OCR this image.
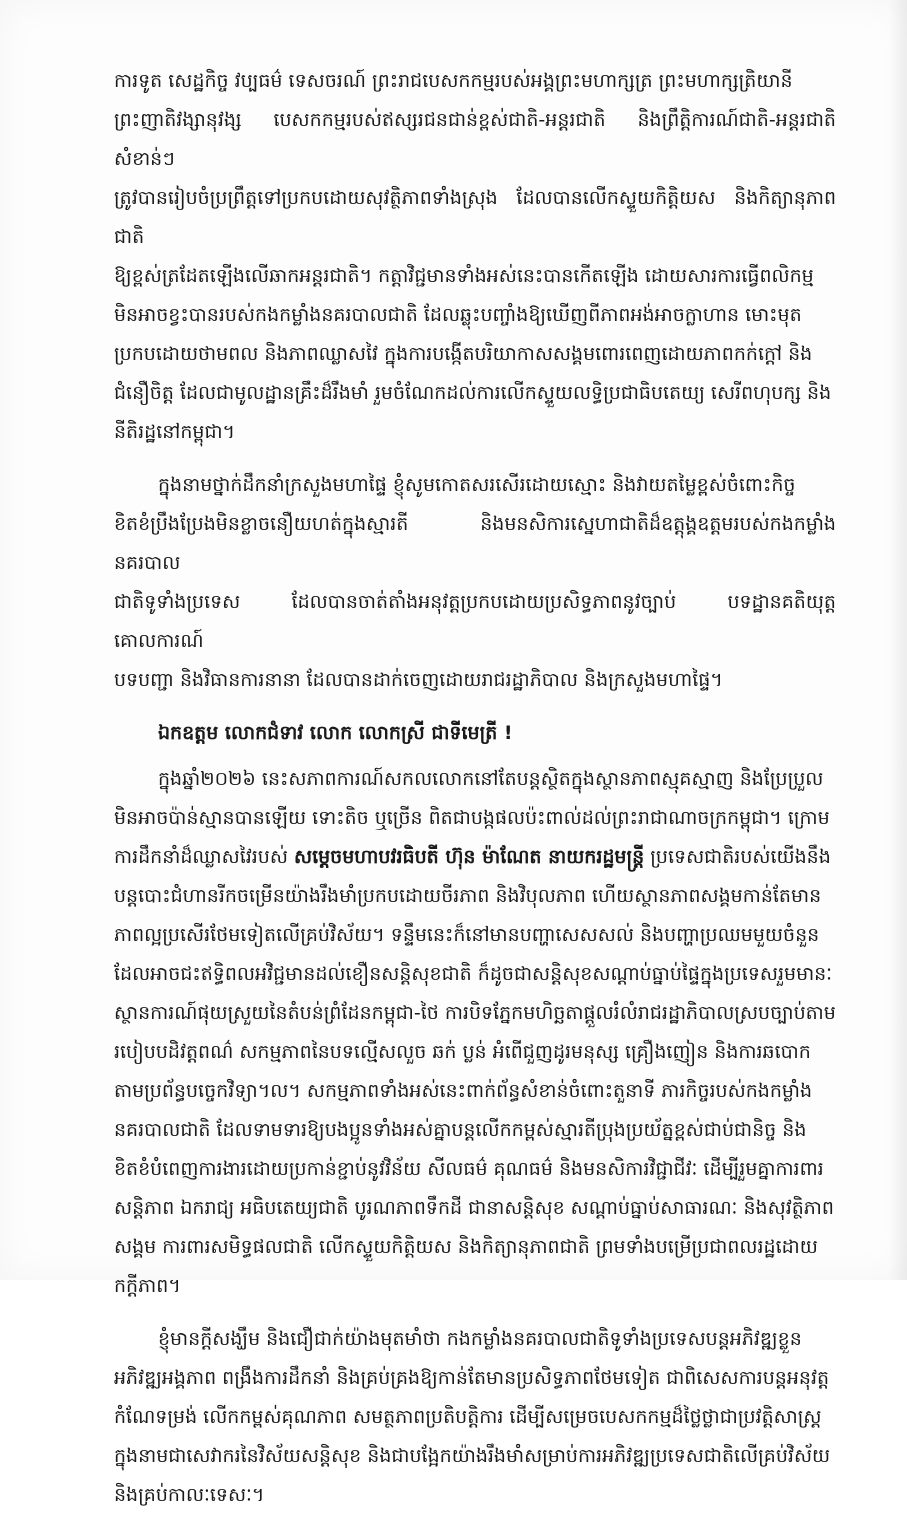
ការទូត សេដ្ឋកិច្ច វប្បធម៌ ទេសចរណ៍ ព្រះរាជបេសកកម្មរបស់អង្គព្រះមហាក្សត្រ ព្រះមហាក្សត្រិយានី
ព្រះញាតិវង្សានុវង្ស បេសកកម្មរបស់ឥស្សរជនជាន់ខ្ពស់ជាតិ-អន្តរជាតិ និងព្រឹត្តិការណ៍ជាតិ-អន្តរជាតិសំខាន់ៗ
ត្រូវបានរៀបចំប្រព្រឹត្តទៅប្រកបដោយសុវត្ថិភាពទាំងស្រុង ដែលបានលើកស្ទួយកិត្តិយស និងកិត្យានុភាពជាតិ
ឱ្យខ្ពស់ត្រដែតឡើងលើឆាកអន្តរជាតិ។ កត្តាវិជ្ជមានទាំងអស់នេះបានកើតឡើង ដោយសារការធ្វើពលិកម្ម
មិនអាចខ្វះបានរបស់កងកម្លាំងនគរបាលជាតិ ដែលឆ្លុះបញ្ចាំងឱ្យឃើញពីភាពអង់អាចក្លាហាន មោះមុត
ប្រកបដោយថាមពល និងភាពឈ្លាសវៃ ក្នុងការបង្កើតបរិយាកាសសង្គមពោរពេញដោយភាពកក់ក្ដៅ និង
ជំនឿចិត្ត ដែលជាមូលដ្ឋានគ្រឹះដ៏រឹងមាំ រួមចំណែកដល់ការលើកស្ទួយលទ្ធិប្រជាធិបតេយ្យ សេរីពហុបក្ស និង
នីតិរដ្ឋនៅកម្ពុជា។
ក្នុងនាមថ្នាក់ដឹកនាំក្រសួងមហាផ្ទៃ ខ្ញុំសូមកោតសរសើរដោយស្មោះ និងវាយតម្លៃខ្ពស់ចំពោះកិច្ច
ខិតខំប្រឹងប្រែងមិនខ្លាចនឿយហត់ក្នុងស្មារតី និងមនសិការស្នេហាជាតិដ៏ឧត្តុង្គឧត្តមរបស់កងកម្លាំងនគរបាល
ជាតិទូទាំងប្រទេស ដែលបានចាត់តាំងអនុវត្តប្រកបដោយប្រសិទ្ធភាពនូវច្បាប់ បទដ្ឋានគតិយុត្ត គោលការណ៍
បទបញ្ជា និងវិធានការនានា ដែលបានដាក់ចេញដោយរាជរដ្ឋាភិបាល និងក្រសួងមហាផ្ទៃ។
ឯកឧត្តម លោកជំទាវ លោក លោកស្រី ជាទីមេត្រី !
ក្នុងឆ្នាំ២០២៦ នេះសភាពការណ៍សកលលោកនៅតែបន្តស្ថិតក្នុងស្ថានភាពស្មុគស្មាញ និងប្រែប្រួល
មិនអាចប៉ាន់ស្មានបានឡើយ ទោះតិច ឬច្រើន ពិតជាបង្កផលប៉ះពាល់ដល់ព្រះរាជាណាចក្រកម្ពុជា។ ក្រោម
ការដឹកនាំដ៏ឈ្លាសវៃរបស់ សម្ដេចមហាបវរធិបតី ហ៊ុន ម៉ាណែត នាយករដ្ឋមន្ត្រី ប្រទេសជាតិរបស់យើងនឹង
បន្តបោះជំហានរីកចម្រើនយ៉ាងរឹងមាំប្រកបដោយចីរភាព និងវិបុលភាព ហើយស្ថានភាពសង្គមកាន់តែមាន
ភាពល្អប្រសើរថែមទៀតលើគ្រប់វិស័យ។ ទន្ទឹមនេះក៏នៅមានបញ្ហាសេសសល់ និងបញ្ហាប្រឈមមួយចំនួន
ដែលអាចជះឥទ្ធិពលអវិជ្ជមានដល់ខឿនសន្តិសុខជាតិ ក៏ដូចជាសន្តិសុខសណ្ដាប់ធ្នាប់ផ្ទៃក្នុងប្រទេសរួមមានៈ
ស្ថានការណ៍ផុយស្រួយនៃតំបន់ព្រំដែនកម្ពុជា-ថៃ ការបិទភ្នែកមហិច្ឆតាផ្ដួលរំលំរាជរដ្ឋាភិបាលស្របច្បាប់តាម
របៀបបដិវត្តពណ៌ សកម្មភាពនៃបទល្មើសលួច ឆក់ ប្លន់ អំពើជួញដូរមនុស្ស គ្រឿងញៀន និងការឆបោក
តាមប្រព័ន្ធបច្ចេកវិទ្យា។ល។ សកម្មភាពទាំងអស់នេះពាក់ព័ន្ធសំខាន់ចំពោះតួនាទី ភារកិច្ចរបស់កងកម្លាំង
នគរបាលជាតិ ដែលទាមទារឱ្យបងប្អូនទាំងអស់គ្នាបន្តលើកកម្ពស់ស្មារតីប្រុងប្រយ័ត្នខ្ពស់ជាប់ជានិច្ច និង
ខិតខំបំពេញការងារដោយប្រកាន់ខ្ជាប់នូវវិន័យ សីលធម៌ គុណធម៌ និងមនសិការវិជ្ជាជីវៈ ដើម្បីរួមគ្នាការពារ
សន្តិភាព ឯករាជ្យ អធិបតេយ្យជាតិ បូរណភាពទឹកដី ជានាសន្តិសុខ សណ្ដាប់ធ្នាប់សាធារណៈ និងសុវត្ថិភាព
សង្គម ការពារសមិទ្ធផលជាតិ លើកស្ទួយកិត្តិយស និងកិត្យានុភាពជាតិ ព្រមទាំងបម្រើប្រជាពលរដ្ឋដោយ
កក្ដីភាព។
ខ្ញុំមានក្ដីសង្ឃឹម និងជឿជាក់យ៉ាងមុតមាំថា កងកម្លាំងនគរបាលជាតិទូទាំងប្រទេសបន្តអភិវឌ្ឍខ្លួន
អភិវឌ្ឍអង្គភាព ពង្រឹងការដឹកនាំ និងគ្រប់គ្រងឱ្យកាន់តែមានប្រសិទ្ធភាពថែមទៀត ជាពិសេសការបន្តអនុវត្ត
កំណែទម្រង់ លើកកម្ពស់គុណភាព សមត្ថភាពប្រតិបត្តិការ ដើម្បីសម្រេចបេសកកម្មដ៏ថ្លៃថ្លាជាប្រវត្តិសាស្ត្រ
ក្នុងនាមជាសេវាករនៃវិស័យសន្តិសុខ និងជាបង្អែកយ៉ាងរឹងមាំសម្រាប់ការអភិវឌ្ឍប្រទេសជាតិលើគ្រប់វិស័យ
និងគ្រប់កាលៈទេសៈ។
